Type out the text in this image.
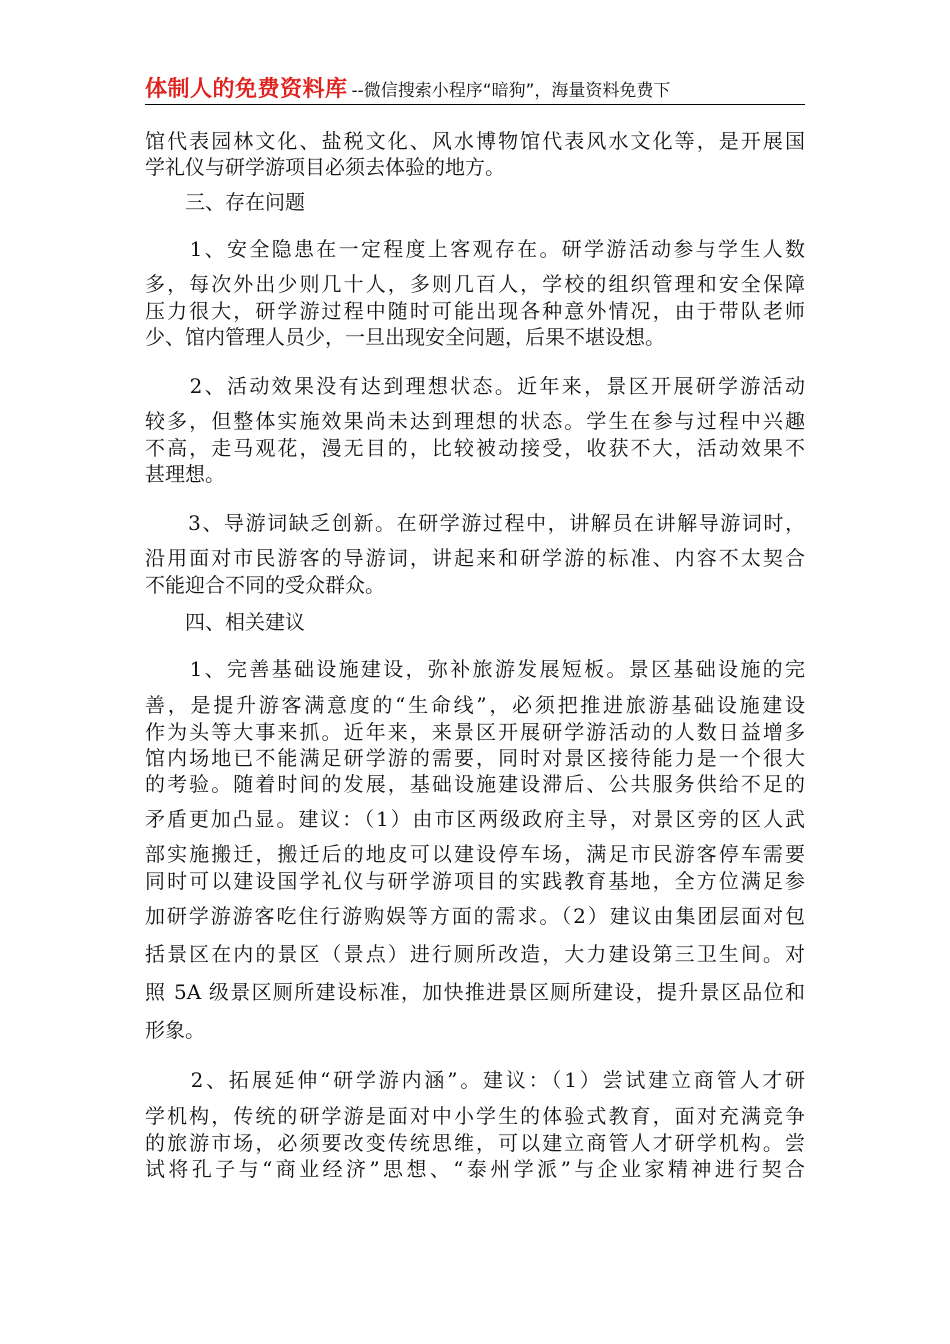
体制人的免费资料库 --微信搜索小程序“暗狗”，海量资料免费下
馆代表园林文化、盐税文化、风水博物馆代表风水文化等，是开展国
学礼仪与研学游项目必须去体验的地方。
　　三、存在问题
　　1、安全隐患在一定程度上客观存在。研学游活动参与学生人数
多，每次外出少则几十人，多则几百人，学校的组织管理和安全保障
压力很大，研学游过程中随时可能出现各种意外情况，由于带队老师
少、馆内管理人员少，一旦出现安全问题，后果不堪设想。
　　2、活动效果没有达到理想状态。近年来，景区开展研学游活动
较多，但整体实施效果尚未达到理想的状态。学生在参与过程中兴趣
不高，走马观花，漫无目的，比较被动接受，收获不大，活动效果不
甚理想。
　　3、导游词缺乏创新。在研学游过程中，讲解员在讲解导游词时，
沿用面对市民游客的导游词，讲起来和研学游的标准、内容不太契合
不能迎合不同的受众群众。
　　四、相关建议
　　1、完善基础设施建设，弥补旅游发展短板。景区基础设施的完
善，是提升游客满意度的“生命线”，必须把推进旅游基础设施建设
作为头等大事来抓。近年来，来景区开展研学游活动的人数日益增多
馆内场地已不能满足研学游的需要，同时对景区接待能力是一个很大
的考验。随着时间的发展，基础设施建设滞后、公共服务供给不足的
矛盾更加凸显。建议：（1）由市区两级政府主导，对景区旁的区人武
部实施搬迁，搬迁后的地皮可以建设停车场，满足市民游客停车需要
同时可以建设国学礼仪与研学游项目的实践教育基地，全方位满足参
加研学游游客吃住行游购娱等方面的需求。（2）建议由集团层面对包
括景区在内的景区（景点）进行厕所改造，大力建设第三卫生间。对
照 5A 级景区厕所建设标准，加快推进景区厕所建设，提升景区品位和
形象。
　　2、拓展延伸“研学游内涵”。建议：（1）尝试建立商管人才研
学机构，传统的研学游是面对中小学生的体验式教育，面对充满竞争
的旅游市场，必须要改变传统思维，可以建立商管人才研学机构。尝
试将孔子与“商业经济”思想、“泰州学派”与企业家精神进行契合
